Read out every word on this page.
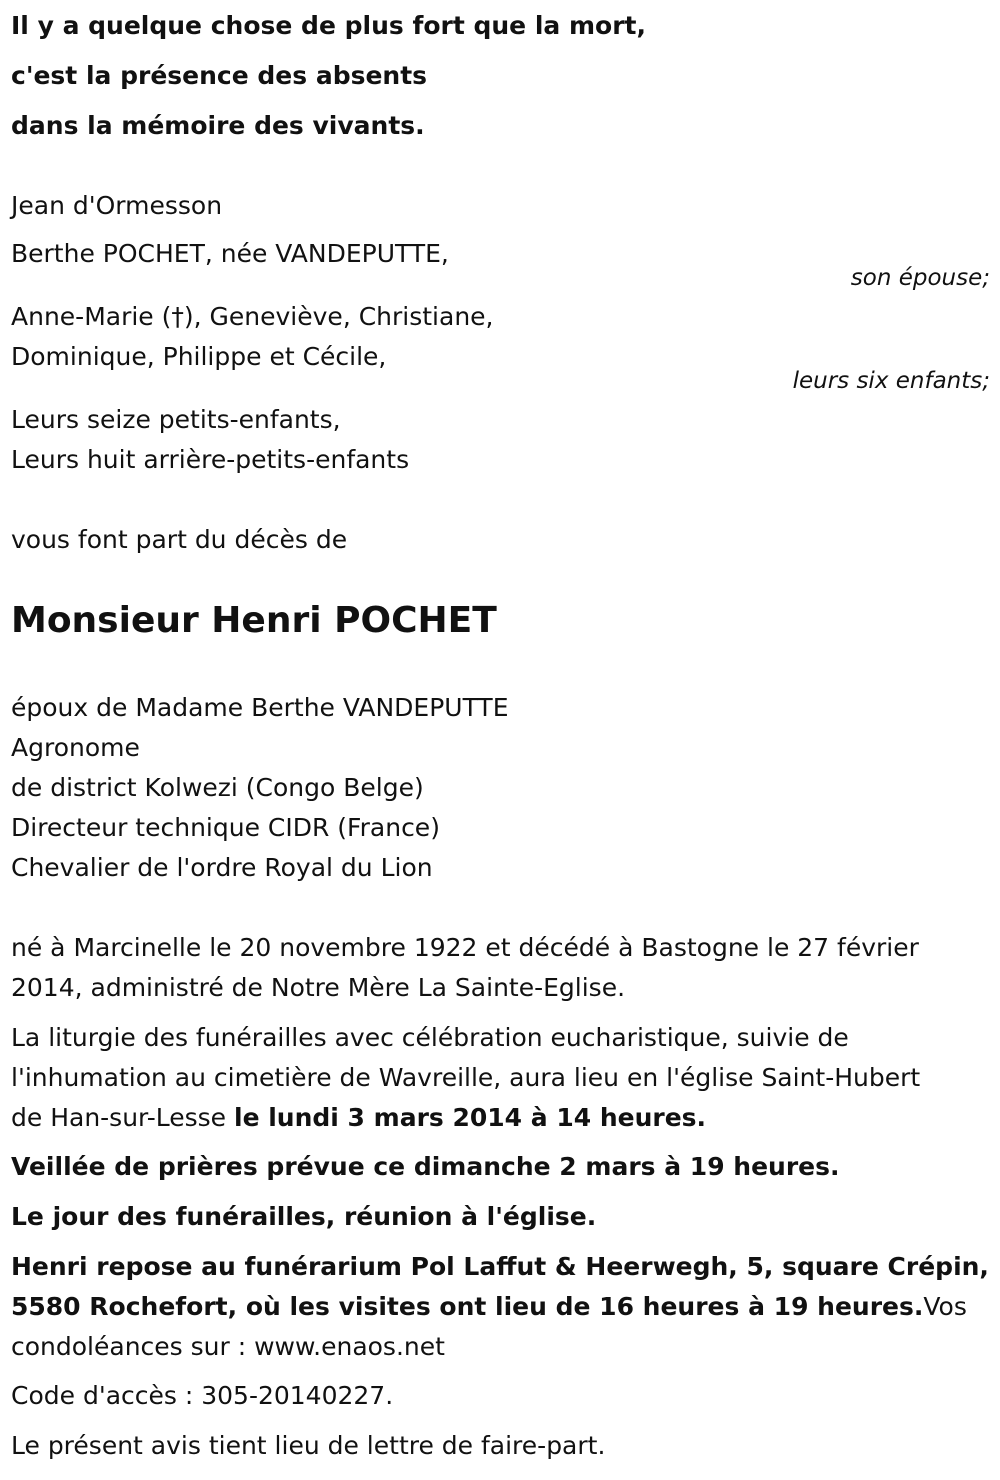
Il y a quelque chose de plus fort que la mort,
c'est la présence des absents
dans la mémoire des vivants.
Jean d'Ormesson
Berthe POCHET, née VANDEPUTTE,
son épouse;
Anne-Marie (†), Geneviève, Christiane,
Dominique, Philippe et Cécile,
leurs six enfants;
Leurs seize petits-enfants,
Leurs huit arrière-petits-enfants
vous font part du décès de
Monsieur Henri POCHET
époux de Madame Berthe VANDEPUTTE
Agronome
de district Kolwezi (Congo Belge)
Directeur technique CIDR (France)
Chevalier de l'ordre Royal du Lion
né à Marcinelle le 20 novembre 1922 et décédé à Bastogne le 27 février
2014, administré de Notre Mère La Sainte-Eglise.
La liturgie des funérailles avec célébration eucharistique, suivie de
l'inhumation au cimetière de Wavreille, aura lieu en l'église Saint-Hubert
de Han-sur-Lesse le lundi 3 mars 2014 à 14 heures.
Veillée de prières prévue ce dimanche 2 mars à 19 heures.
Le jour des funérailles, réunion à l'église.
Henri repose au funérarium Pol Laffut & Heerwegh, 5, square Crépin,
5580 Rochefort, où les visites ont lieu de 16 heures à 19 heures.Vos
condoléances sur : www.enaos.net
Code d'accès : 305-20140227.
Le présent avis tient lieu de lettre de faire-part.
